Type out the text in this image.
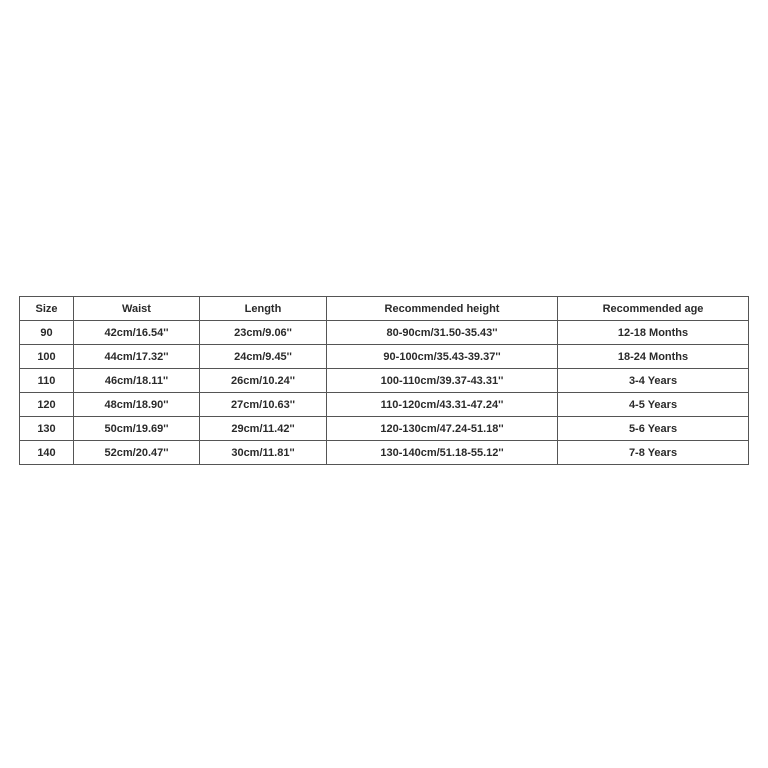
Size	Waist	Length	Recommended height	Recommended age
90	42cm/16.54''	23cm/9.06''	80-90cm/31.50-35.43''	12-18 Months
100	44cm/17.32''	24cm/9.45''	90-100cm/35.43-39.37''	18-24 Months
110	46cm/18.11''	26cm/10.24''	100-110cm/39.37-43.31''	3-4 Years
120	48cm/18.90''	27cm/10.63''	110-120cm/43.31-47.24''	4-5 Years
130	50cm/19.69''	29cm/11.42''	120-130cm/47.24-51.18''	5-6 Years
140	52cm/20.47''	30cm/11.81''	130-140cm/51.18-55.12''	7-8 Years
